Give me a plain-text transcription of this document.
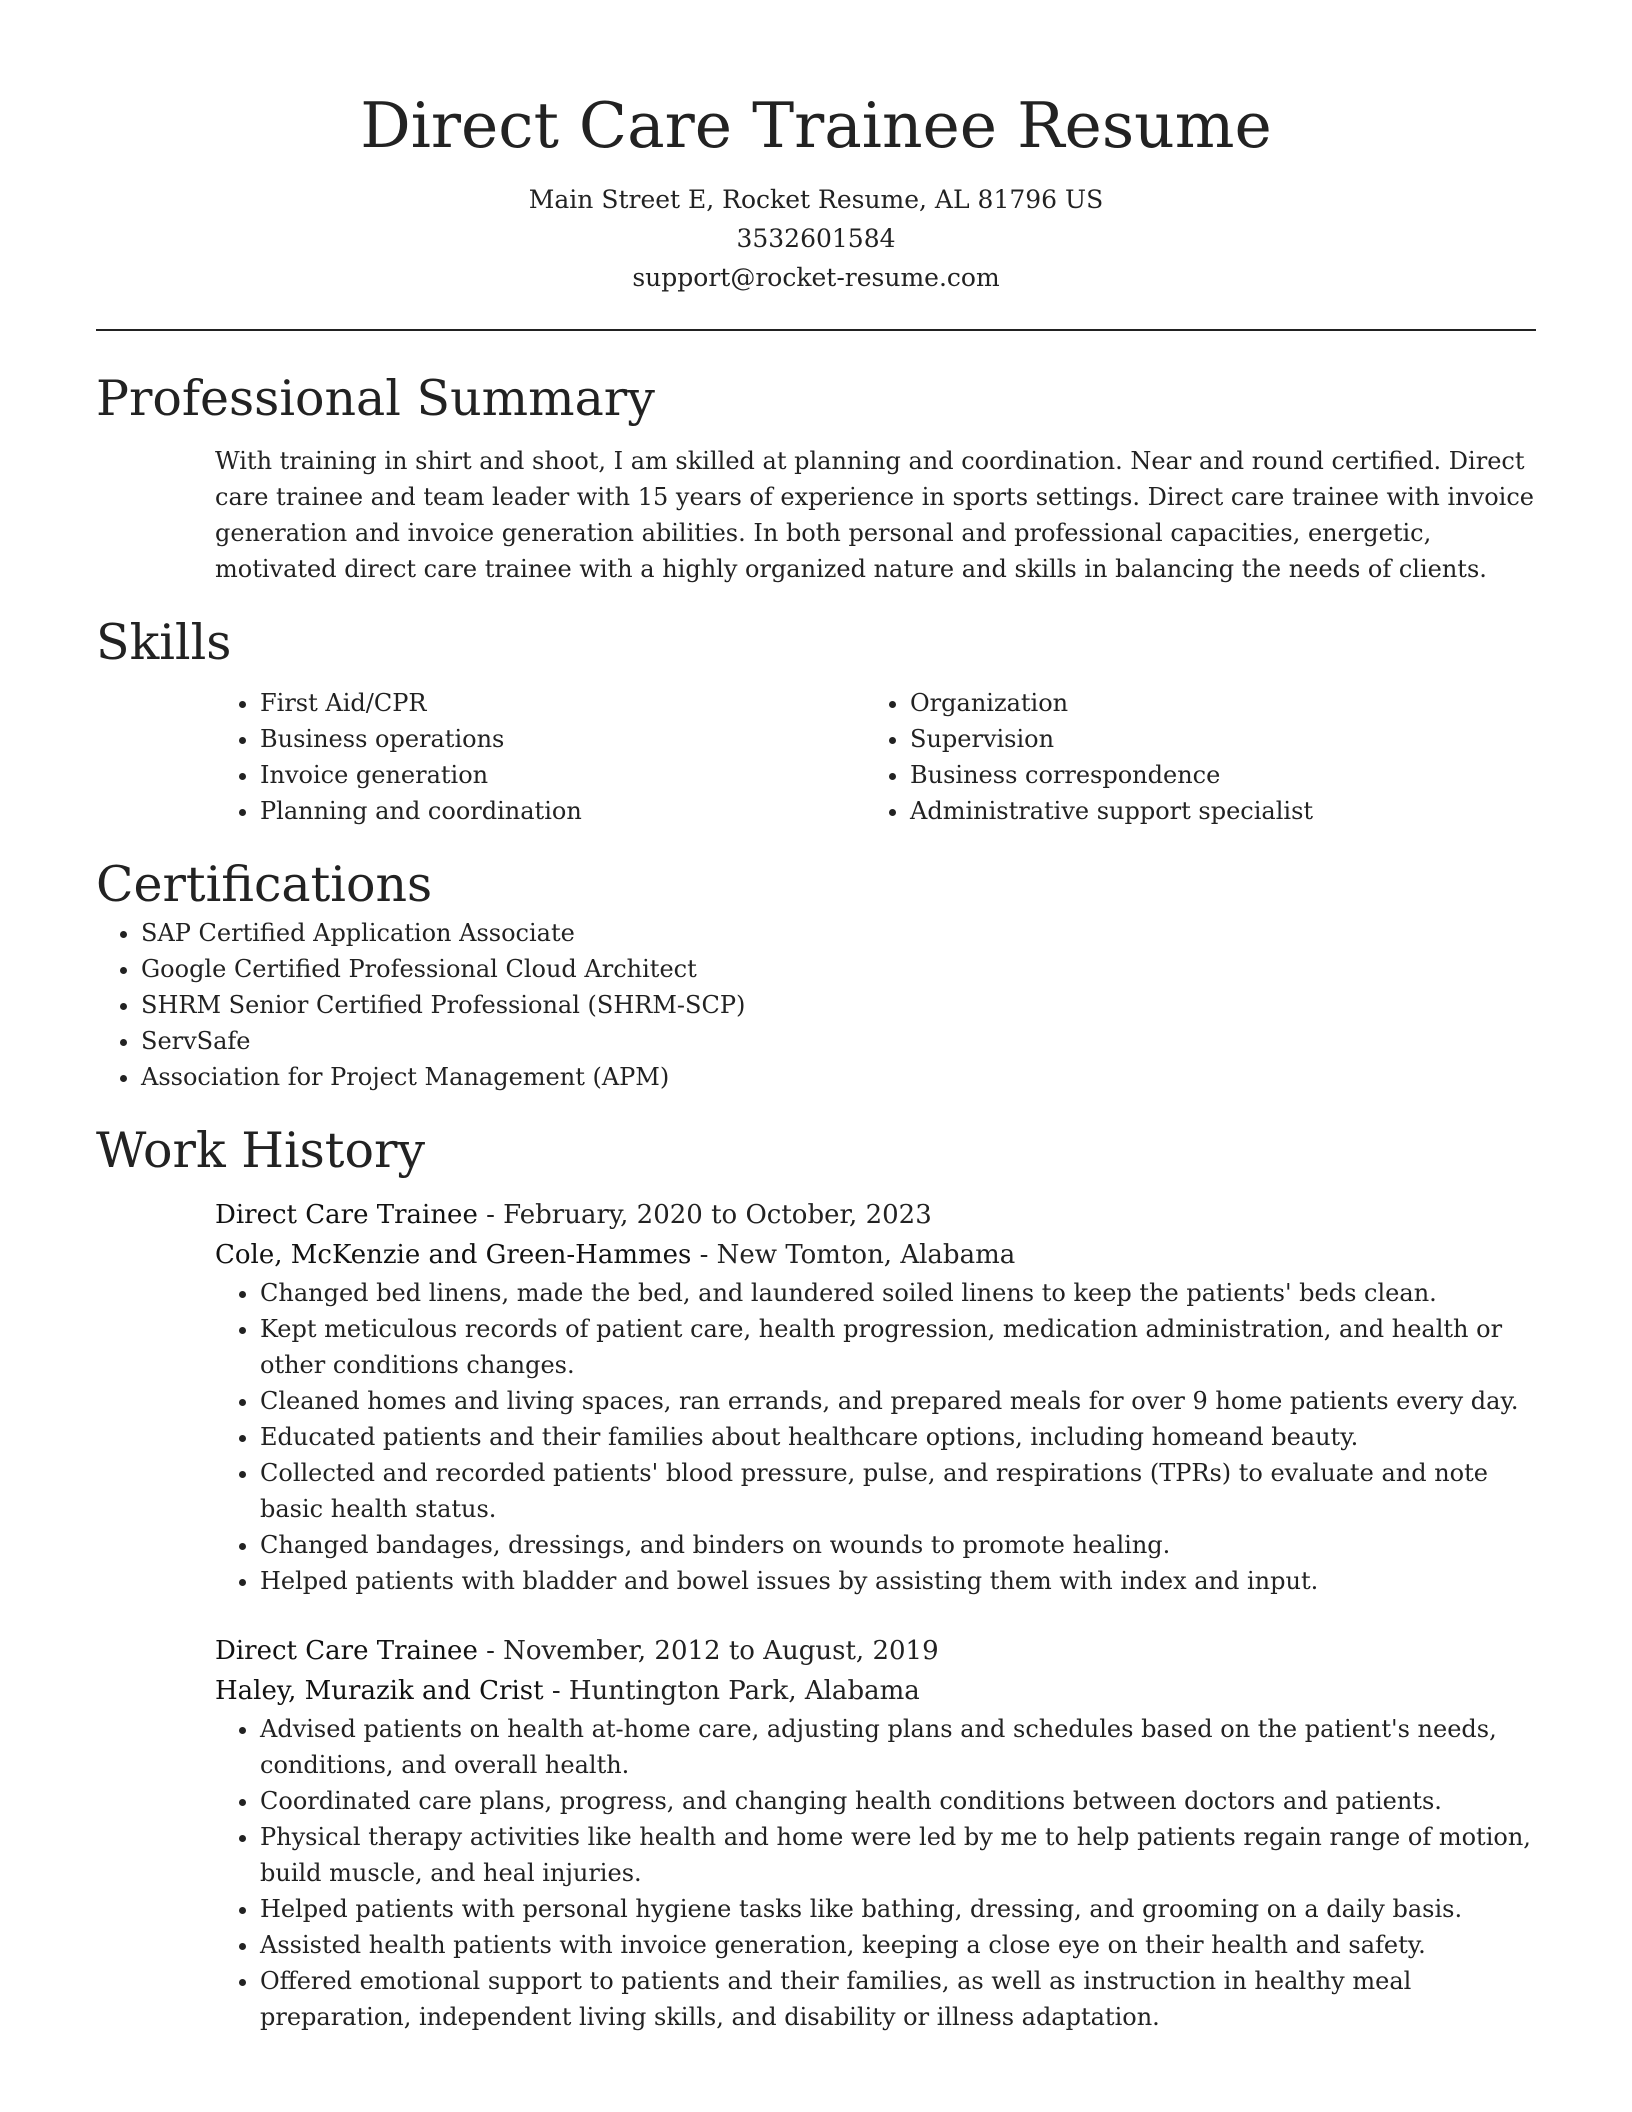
Direct Care Trainee Resume
Main Street E, Rocket Resume, AL 81796 US
3532601584
support@rocket-resume.com
Professional Summary
With training in shirt and shoot, I am skilled at planning and coordination. Near and round certified. Direct care trainee and team leader with 15 years of experience in sports settings. Direct care trainee with invoice generation and invoice generation abilities. In both personal and professional capacities, energetic, motivated direct care trainee with a highly organized nature and skills in balancing the needs of clients.
Skills
• First Aid/CPR
• Business operations
• Invoice generation
• Planning and coordination
• Organization
• Supervision
• Business correspondence
• Administrative support specialist
Certifications
• SAP Certified Application Associate
• Google Certified Professional Cloud Architect
• SHRM Senior Certified Professional (SHRM-SCP)
• ServSafe
• Association for Project Management (APM)
Work History
Direct Care Trainee - February, 2020 to October, 2023
Cole, McKenzie and Green-Hammes - New Tomton, Alabama
• Changed bed linens, made the bed, and laundered soiled linens to keep the patients' beds clean.
• Kept meticulous records of patient care, health progression, medication administration, and health or other conditions changes.
• Cleaned homes and living spaces, ran errands, and prepared meals for over 9 home patients every day.
• Educated patients and their families about healthcare options, including homeand beauty.
• Collected and recorded patients' blood pressure, pulse, and respirations (TPRs) to evaluate and note basic health status.
• Changed bandages, dressings, and binders on wounds to promote healing.
• Helped patients with bladder and bowel issues by assisting them with index and input.
Direct Care Trainee - November, 2012 to August, 2019
Haley, Murazik and Crist - Huntington Park, Alabama
• Advised patients on health at-home care, adjusting plans and schedules based on the patient's needs, conditions, and overall health.
• Coordinated care plans, progress, and changing health conditions between doctors and patients.
• Physical therapy activities like health and home were led by me to help patients regain range of motion, build muscle, and heal injuries.
• Helped patients with personal hygiene tasks like bathing, dressing, and grooming on a daily basis.
• Assisted health patients with invoice generation, keeping a close eye on their health and safety.
• Offered emotional support to patients and their families, as well as instruction in healthy meal preparation, independent living skills, and disability or illness adaptation.
